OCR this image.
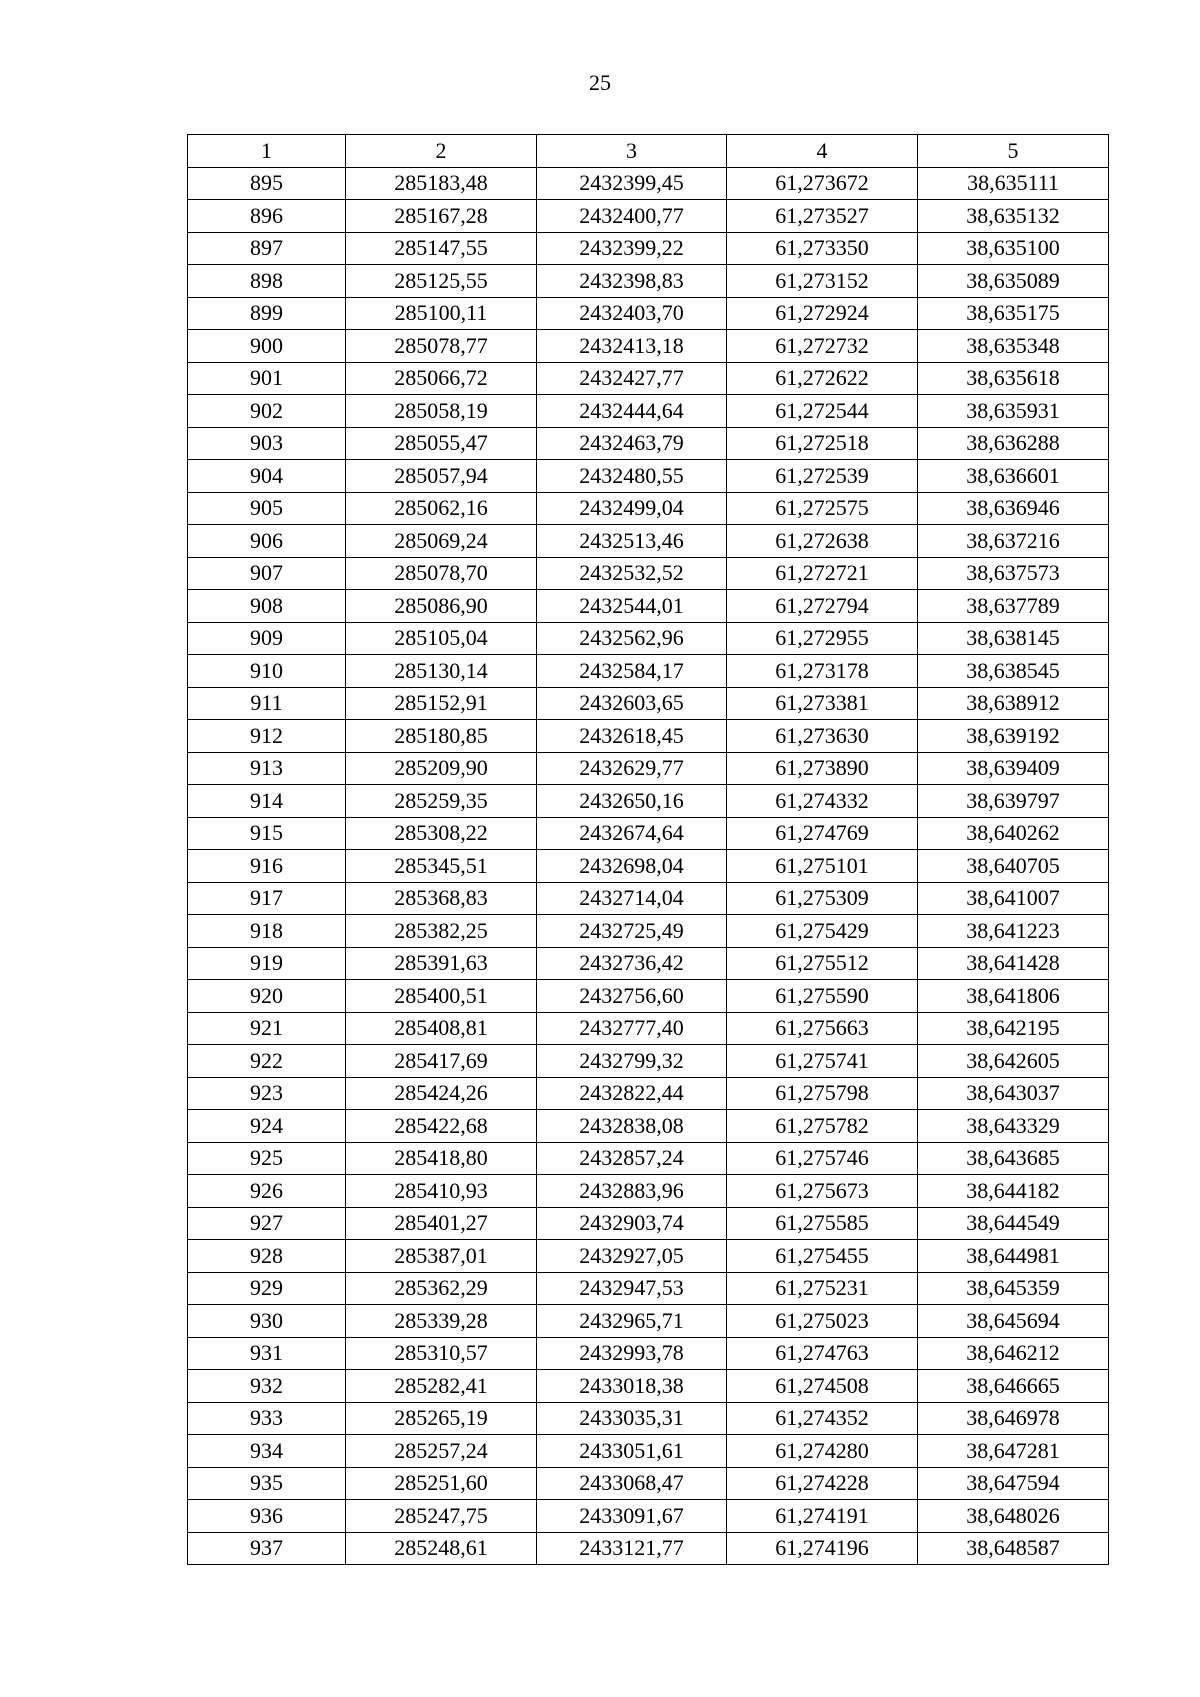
25
1	2	3	4	5
895	285183,48	2432399,45	61,273672	38,635111
896	285167,28	2432400,77	61,273527	38,635132
897	285147,55	2432399,22	61,273350	38,635100
898	285125,55	2432398,83	61,273152	38,635089
899	285100,11	2432403,70	61,272924	38,635175
900	285078,77	2432413,18	61,272732	38,635348
901	285066,72	2432427,77	61,272622	38,635618
902	285058,19	2432444,64	61,272544	38,635931
903	285055,47	2432463,79	61,272518	38,636288
904	285057,94	2432480,55	61,272539	38,636601
905	285062,16	2432499,04	61,272575	38,636946
906	285069,24	2432513,46	61,272638	38,637216
907	285078,70	2432532,52	61,272721	38,637573
908	285086,90	2432544,01	61,272794	38,637789
909	285105,04	2432562,96	61,272955	38,638145
910	285130,14	2432584,17	61,273178	38,638545
911	285152,91	2432603,65	61,273381	38,638912
912	285180,85	2432618,45	61,273630	38,639192
913	285209,90	2432629,77	61,273890	38,639409
914	285259,35	2432650,16	61,274332	38,639797
915	285308,22	2432674,64	61,274769	38,640262
916	285345,51	2432698,04	61,275101	38,640705
917	285368,83	2432714,04	61,275309	38,641007
918	285382,25	2432725,49	61,275429	38,641223
919	285391,63	2432736,42	61,275512	38,641428
920	285400,51	2432756,60	61,275590	38,641806
921	285408,81	2432777,40	61,275663	38,642195
922	285417,69	2432799,32	61,275741	38,642605
923	285424,26	2432822,44	61,275798	38,643037
924	285422,68	2432838,08	61,275782	38,643329
925	285418,80	2432857,24	61,275746	38,643685
926	285410,93	2432883,96	61,275673	38,644182
927	285401,27	2432903,74	61,275585	38,644549
928	285387,01	2432927,05	61,275455	38,644981
929	285362,29	2432947,53	61,275231	38,645359
930	285339,28	2432965,71	61,275023	38,645694
931	285310,57	2432993,78	61,274763	38,646212
932	285282,41	2433018,38	61,274508	38,646665
933	285265,19	2433035,31	61,274352	38,646978
934	285257,24	2433051,61	61,274280	38,647281
935	285251,60	2433068,47	61,274228	38,647594
936	285247,75	2433091,67	61,274191	38,648026
937	285248,61	2433121,77	61,274196	38,648587
